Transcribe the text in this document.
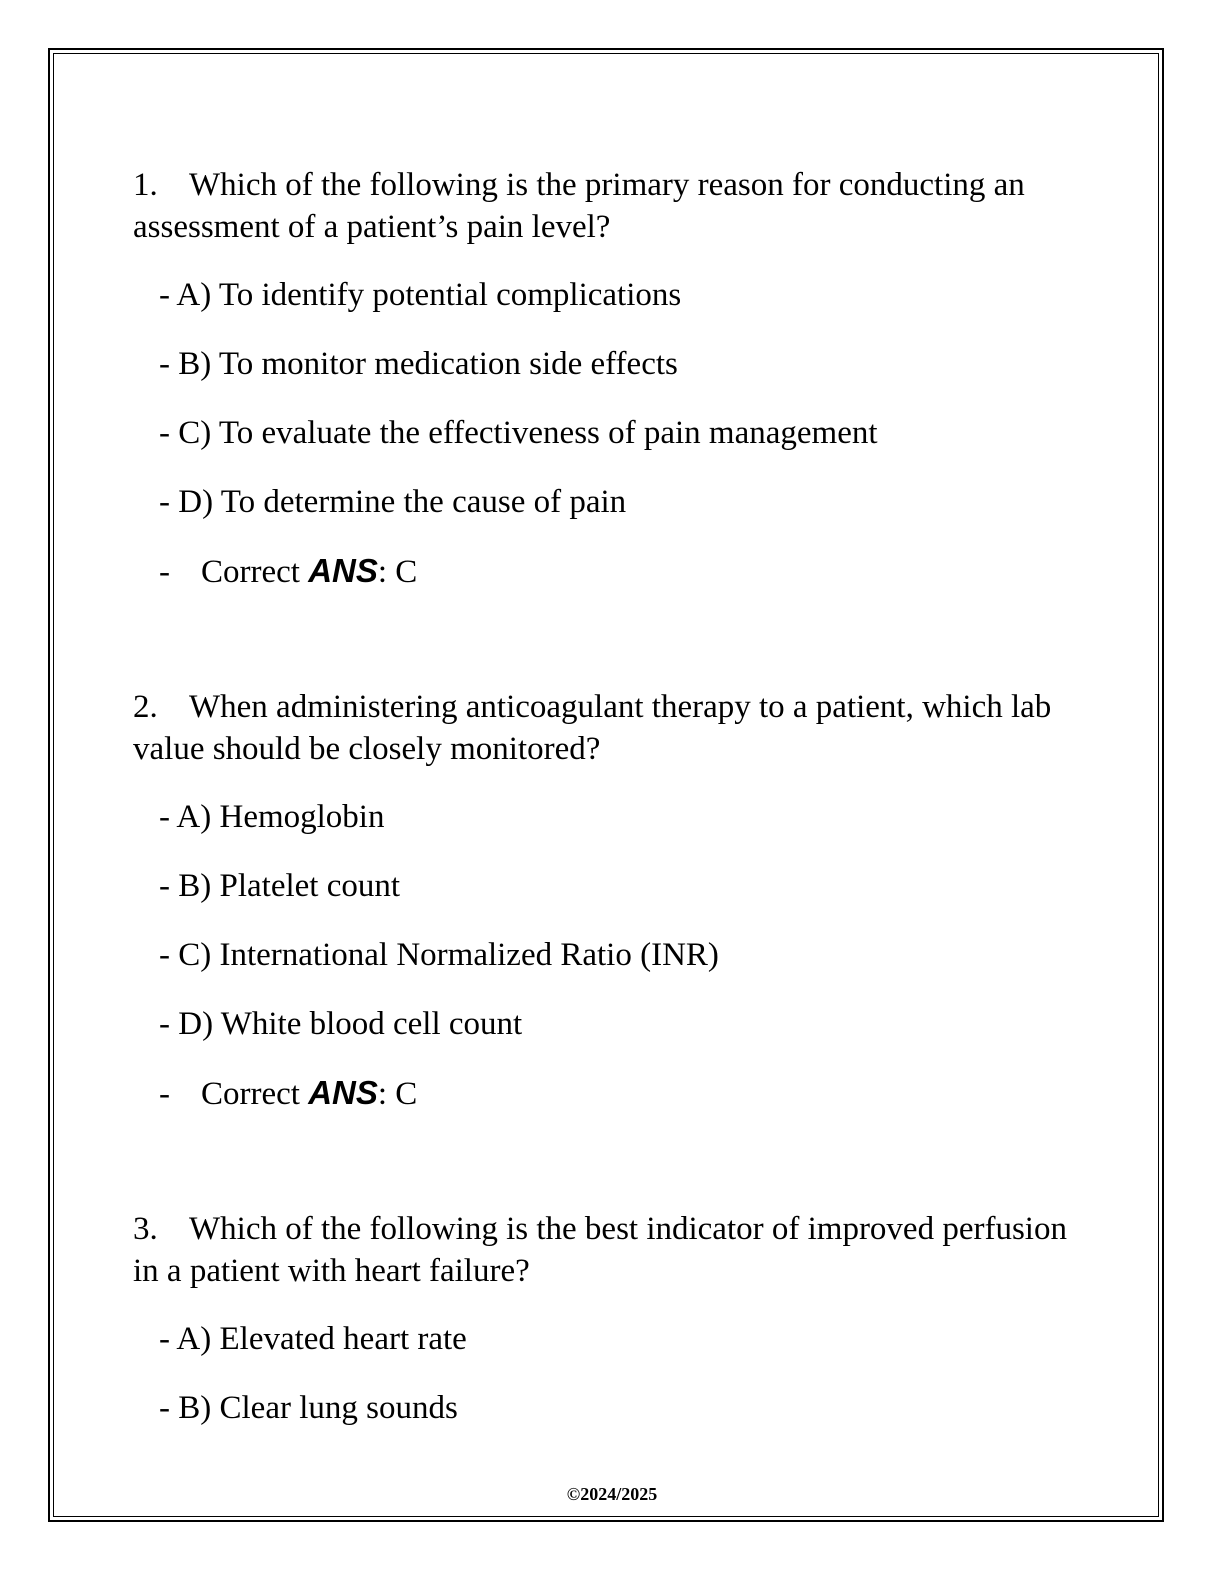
1. Which of the following is the primary reason for conducting an assessment of a patient’s pain level?

- A) To identify potential complications
- B) To monitor medication side effects
- C) To evaluate the effectiveness of pain management
- D) To determine the cause of pain
- Correct ANS: C

2. When administering anticoagulant therapy to a patient, which lab value should be closely monitored?

- A) Hemoglobin
- B) Platelet count
- C) International Normalized Ratio (INR)
- D) White blood cell count
- Correct ANS: C

3. Which of the following is the best indicator of improved perfusion in a patient with heart failure?

- A) Elevated heart rate
- B) Clear lung sounds
©2024/2025
